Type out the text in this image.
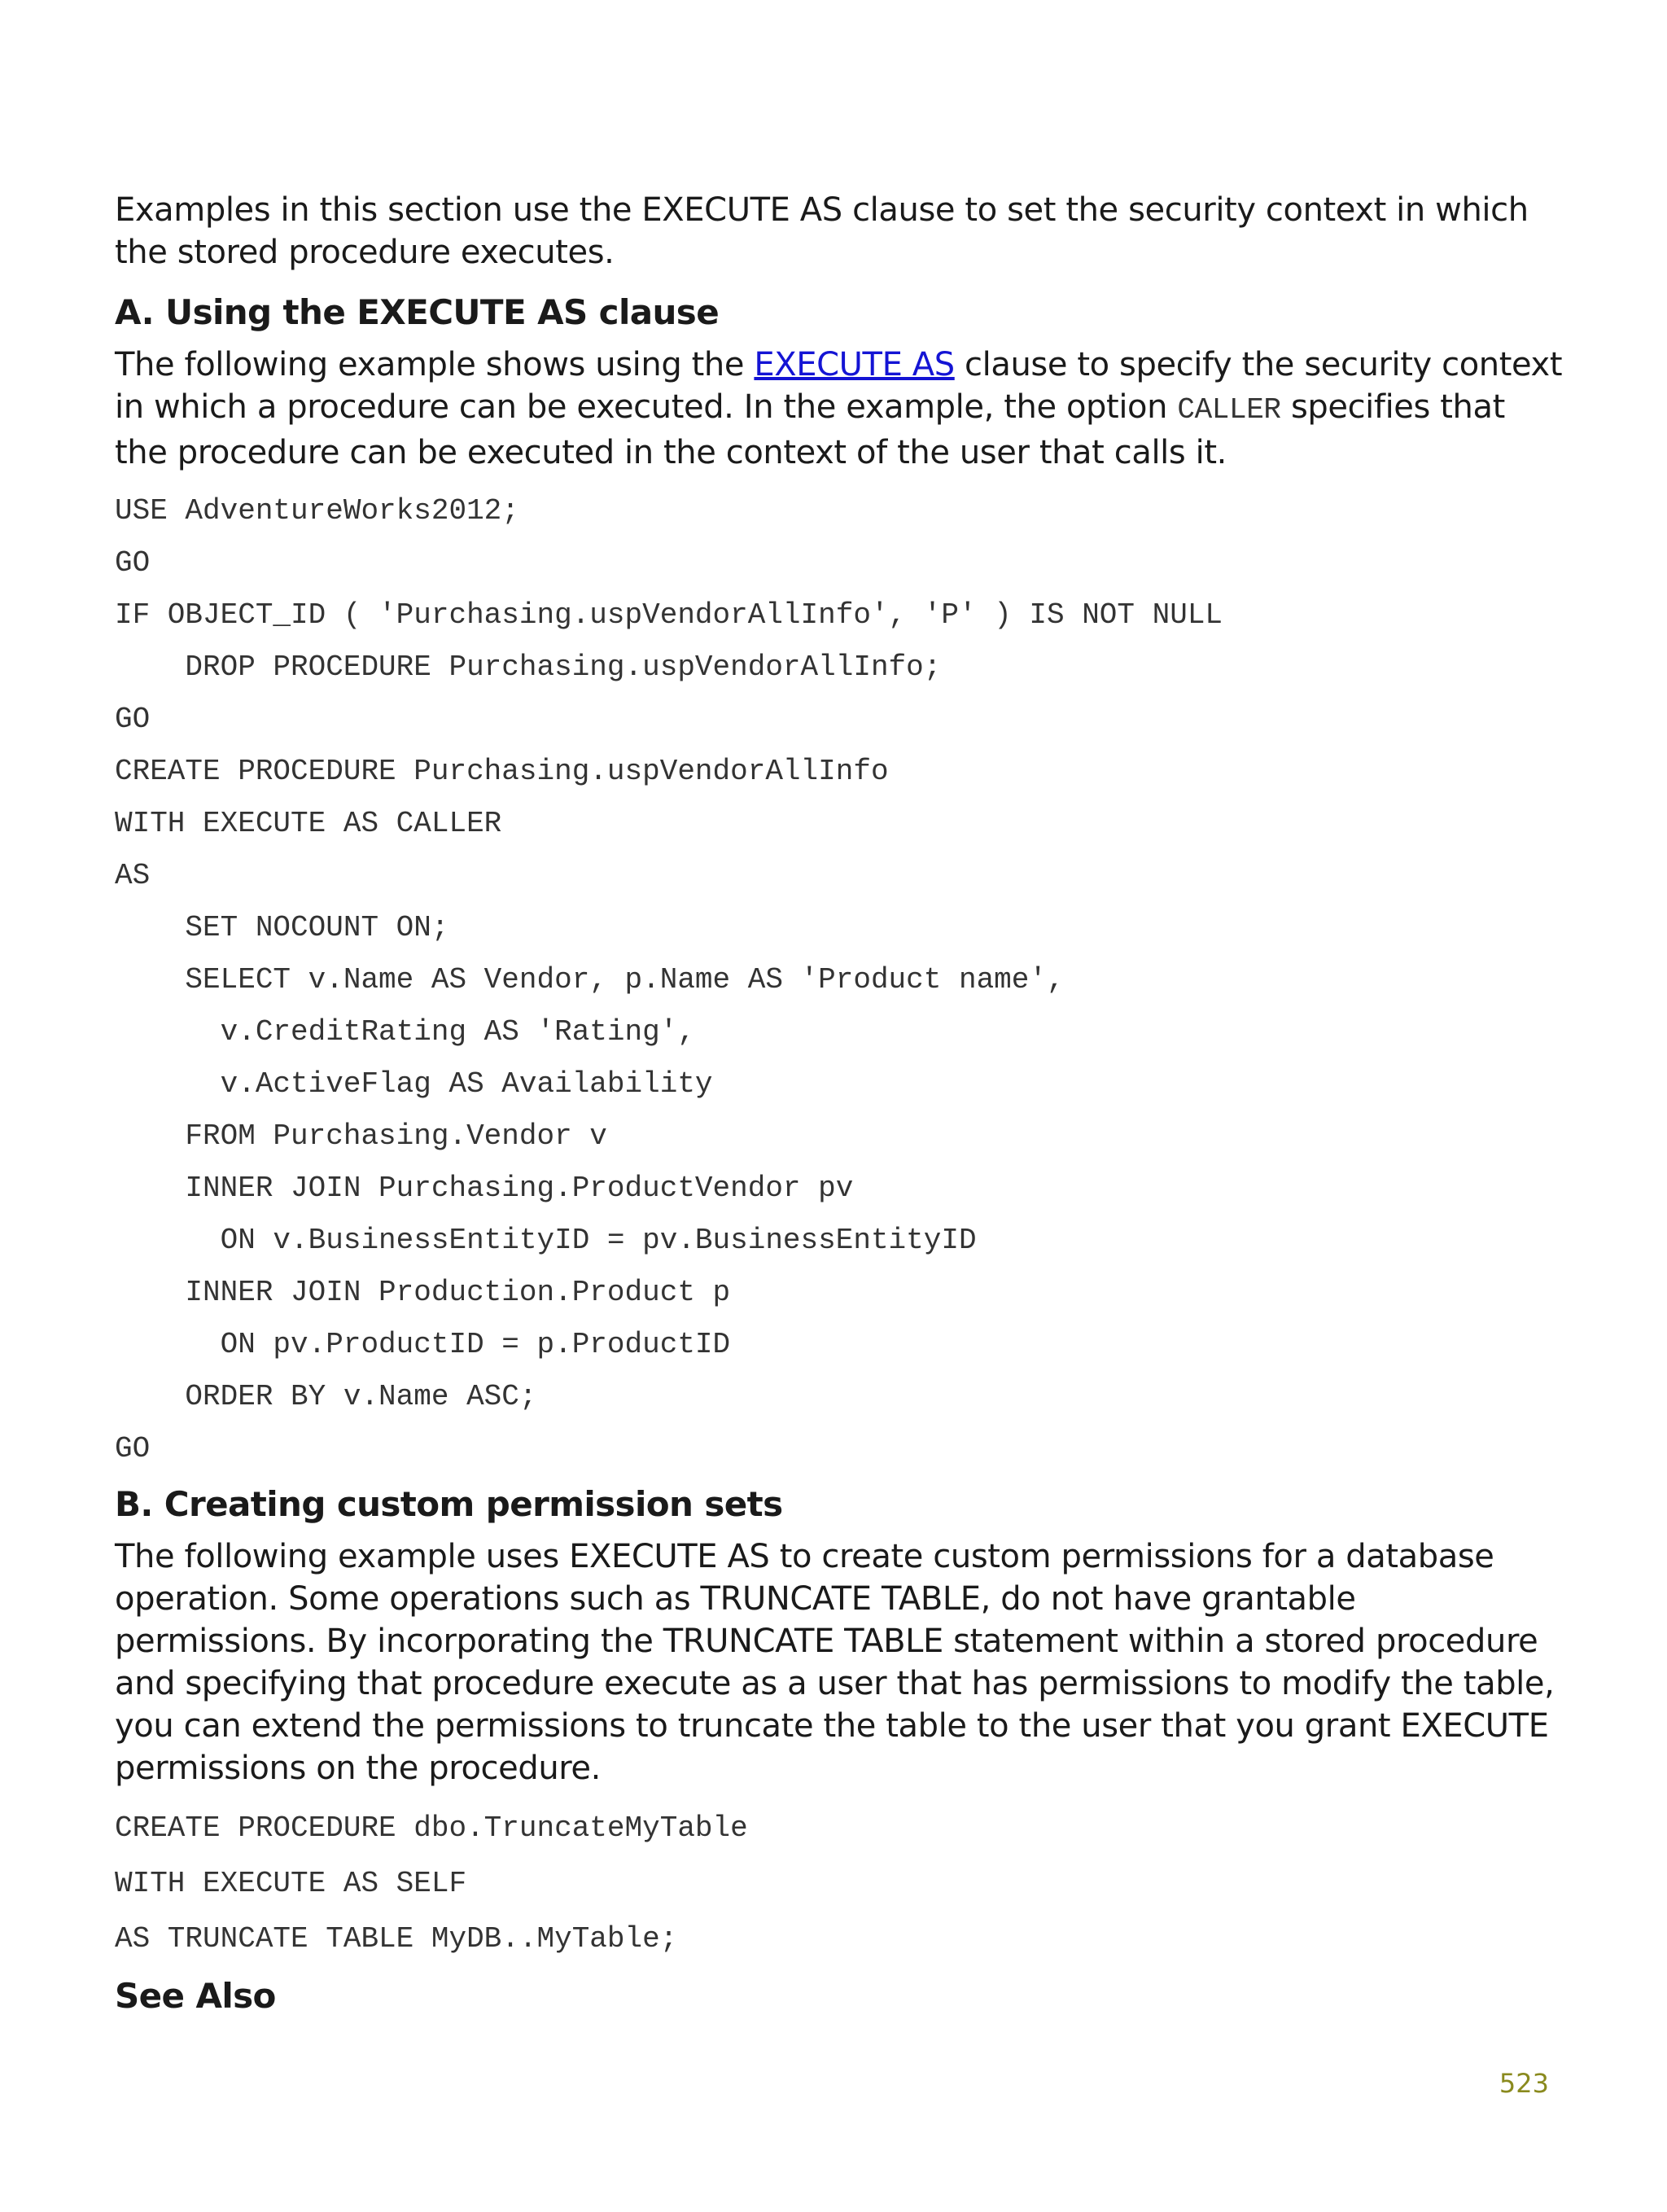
Examples in this section use the EXECUTE AS clause to set the security context in which the stored procedure executes.

A. Using the EXECUTE AS clause

The following example shows using the EXECUTE AS clause to specify the security context in which a procedure can be executed. In the example, the option CALLER specifies that the procedure can be executed in the context of the user that calls it.

USE AdventureWorks2012;
GO
IF OBJECT_ID ( 'Purchasing.uspVendorAllInfo', 'P' ) IS NOT NULL
DROP PROCEDURE Purchasing.uspVendorAllInfo;
GO
CREATE PROCEDURE Purchasing.uspVendorAllInfo
WITH EXECUTE AS CALLER
AS
SET NOCOUNT ON;
SELECT v.Name AS Vendor, p.Name AS 'Product name',
v.CreditRating AS 'Rating',
v.ActiveFlag AS Availability
FROM Purchasing.Vendor v
INNER JOIN Purchasing.ProductVendor pv
ON v.BusinessEntityID = pv.BusinessEntityID
INNER JOIN Production.Product p
ON pv.ProductID = p.ProductID
ORDER BY v.Name ASC;
GO
B. Creating custom permission sets

The following example uses EXECUTE AS to create custom permissions for a database operation. Some operations such as TRUNCATE TABLE, do not have grantable permissions. By incorporating the TRUNCATE TABLE statement within a stored procedure and specifying that procedure execute as a user that has permissions to modify the table, you can extend the permissions to truncate the table to the user that you grant EXECUTE permissions on the procedure.

CREATE PROCEDURE dbo.TruncateMyTable
WITH EXECUTE AS SELF
AS TRUNCATE TABLE MyDB..MyTable;
See Also
523
